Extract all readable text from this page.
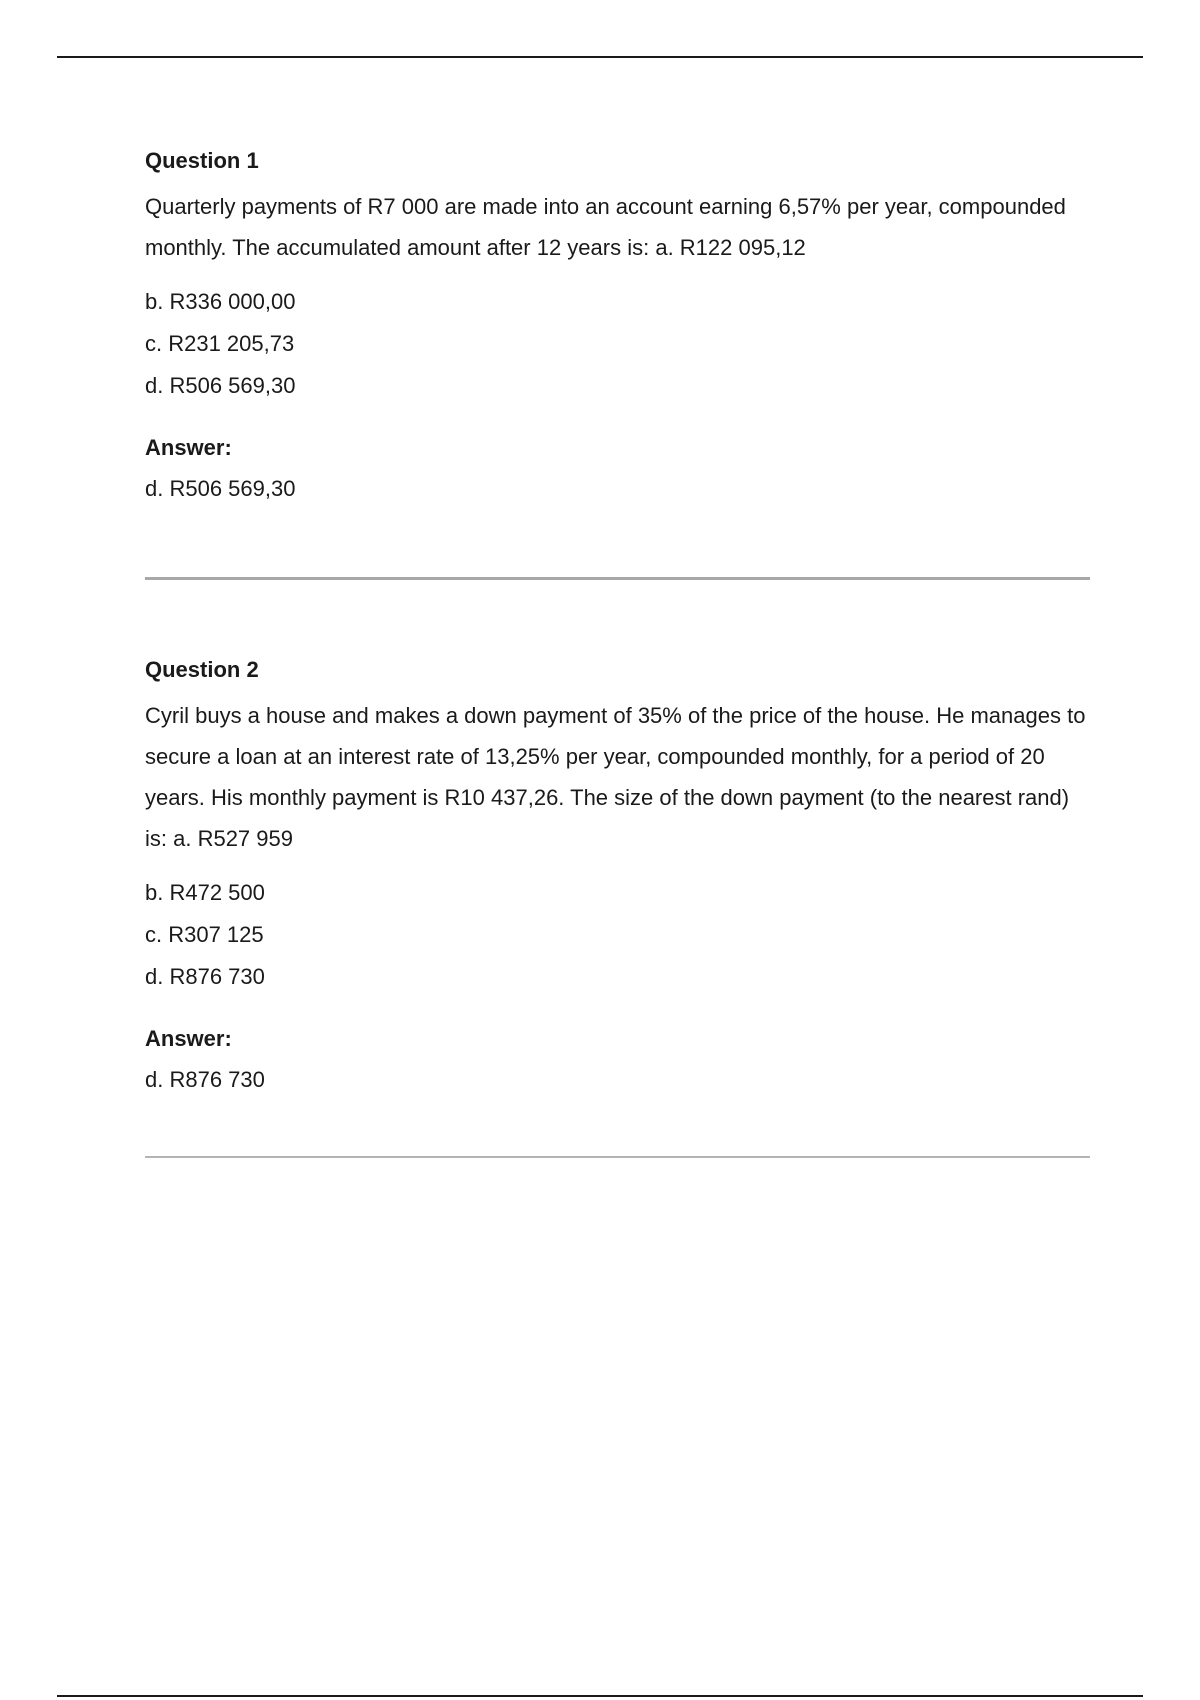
Question 1

Quarterly payments of R7 000 are made into an account earning 6,57% per year, compounded monthly. The accumulated amount after 12 years is: a. R122 095,12

b. R336 000,00
c. R231 205,73
d. R506 569,30
Answer:
d. R506 569,30
Question 2

Cyril buys a house and makes a down payment of 35% of the price of the house. He manages to secure a loan at an interest rate of 13,25% per year, compounded monthly, for a period of 20 years. His monthly payment is R10 437,26. The size of the down payment (to the nearest rand) is: a. R527 959

b. R472 500
c. R307 125
d. R876 730
Answer:
d. R876 730
